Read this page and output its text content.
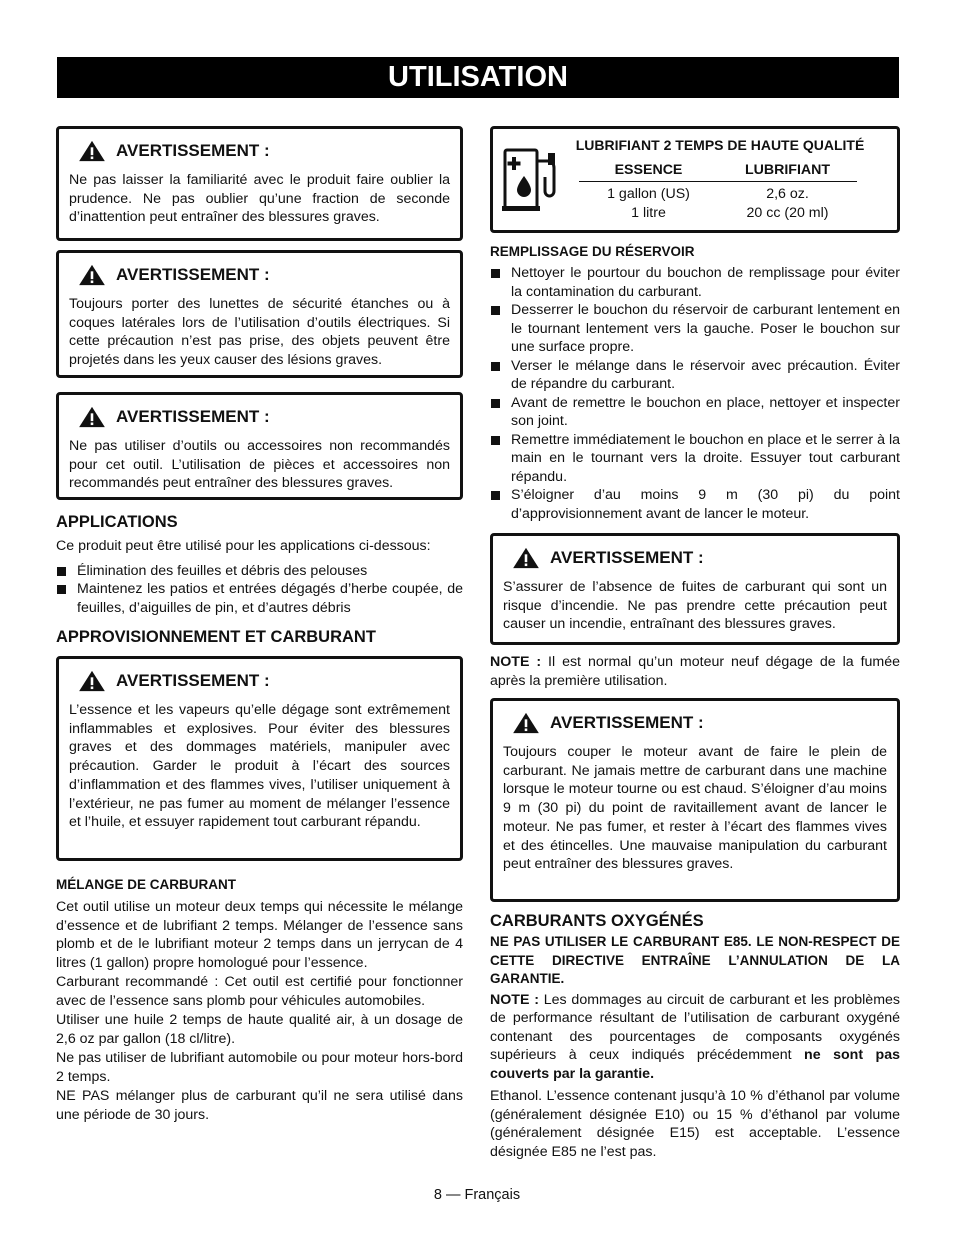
UTILISATION
AVERTISSEMENT :
Ne pas laisser la familiarité avec le produit faire oublier la prudence. Ne pas oublier qu’une fraction de seconde d’inattention peut entraîner des blessures graves.
AVERTISSEMENT :
Toujours porter des lunettes de sécurité étanches ou à coques latérales lors de l’utilisation d’outils électriques. Si cette précaution n’est pas prise, des objets peuvent être projetés dans les yeux causer des lésions graves.
AVERTISSEMENT :
Ne pas utiliser d’outils ou accessoires non recommandés pour cet outil. L’utilisation de pièces et accessoires non recommandés peut entraîner des blessures graves.
APPLICATIONS

Ce produit peut être utilisé pour les applications ci-dessous:

Élimination des feuilles et débris des pelouses
Maintenez les patios et entrées dégagés d’herbe coupée, de feuilles, d’aiguilles de pin, et d’autres débris
APPROVISIONNEMENT ET CARBURANT
AVERTISSEMENT :
L’essence et les vapeurs qu’elle dégage sont extrêmement inflammables et explosives. Pour éviter des blessures graves et des dommages matériels, manipuler avec précaution. Garder le produit à l’écart des sources d’inflammation et des flammes vives, l’utiliser uniquement à l’extérieur, ne pas fumer au moment de mélanger l’essence et l’huile, et essuyer rapidement tout carburant répandu.
MÉLANGE DE CARBURANT

Cet outil utilise un moteur deux temps qui nécessite le mélange d’essence et de lubrifiant 2 temps. Mélanger de l’essence sans plomb et de le lubrifiant moteur 2 temps dans un jerrycan de 4 litres (1 gallon) propre homologué pour l’essence.

Carburant recommandé : Cet outil est certifié pour fonctionner avec de l’essence sans plomb pour véhicules automobiles.

Utiliser une huile 2 temps de haute qualité air, à un dosage de 2,6 oz par gallon (18 cl/litre).

Ne pas utiliser de lubrifiant automobile ou pour moteur hors-bord 2 temps.

NE PAS mélanger plus de carburant qu’il ne sera utilisé dans une période de 30 jours.

LUBRIFIANT 2 TEMPS DE HAUTE QUALITÉ
ESSENCE	LUBRIFIANT
1 gallon (US)	2,6 oz.
1 litre	20 cc (20 ml)
REMPLISSAGE DU RÉSERVOIR
Nettoyer le pourtour du bouchon de remplissage pour éviter la contamination du carburant.
Desserrer le bouchon du réservoir de carburant lentement en le tournant lentement vers la gauche. Poser le bouchon sur une surface propre.
Verser le mélange dans le réservoir avec précaution. Éviter de répandre du carburant.
Avant de remettre le bouchon en place, nettoyer et inspecter son joint.
Remettre immédiatement le bouchon en place et le serrer à la main en le tournant vers la droite. Essuyer tout carburant répandu.
S’éloigner d’au moins 9 m (30 pi) du point d’approvisionnement avant de lancer le moteur.
AVERTISSEMENT :
S’assurer de l’absence de fuites de carburant qui sont un risque d’incendie. Ne pas prendre cette précaution peut causer un incendie, entraînant des blessures graves.

NOTE : Il est normal qu’un moteur neuf dégage de la fumée après la première utilisation.

AVERTISSEMENT :
Toujours couper le moteur avant de faire le plein de carburant. Ne jamais mettre de carburant dans une machine lorsque le moteur tourne ou est chaud. S’éloigner d’au moins 9 m (30 pi) du point de ravitaillement avant de lancer le moteur. Ne pas fumer, et rester à l’écart des flammes vives et des étincelles. Une mauvaise manipulation du carburant peut entraîner des blessures graves.
CARBURANTS OXYGÉNÉS

NE PAS UTILISER LE CARBURANT E85. LE NON-RESPECT DE CETTE DIRECTIVE ENTRAÎNE L’ANNULATION DE LA GARANTIE.

NOTE : Les dommages au circuit de carburant et les problèmes de performance résultant de l’utilisation de carburant oxygéné contenant des pourcentages de composants oxygénés supérieurs à ceux indiqués précédemment ne sont pas couverts par la garantie.

Ethanol. L’essence contenant jusqu’à 10 % d’éthanol par volume (généralement désignée E10) ou 15 % d’éthanol par volume (généralement désignée E15) est acceptable. L’essence désignée E85 ne l’est pas.

8 — Français
